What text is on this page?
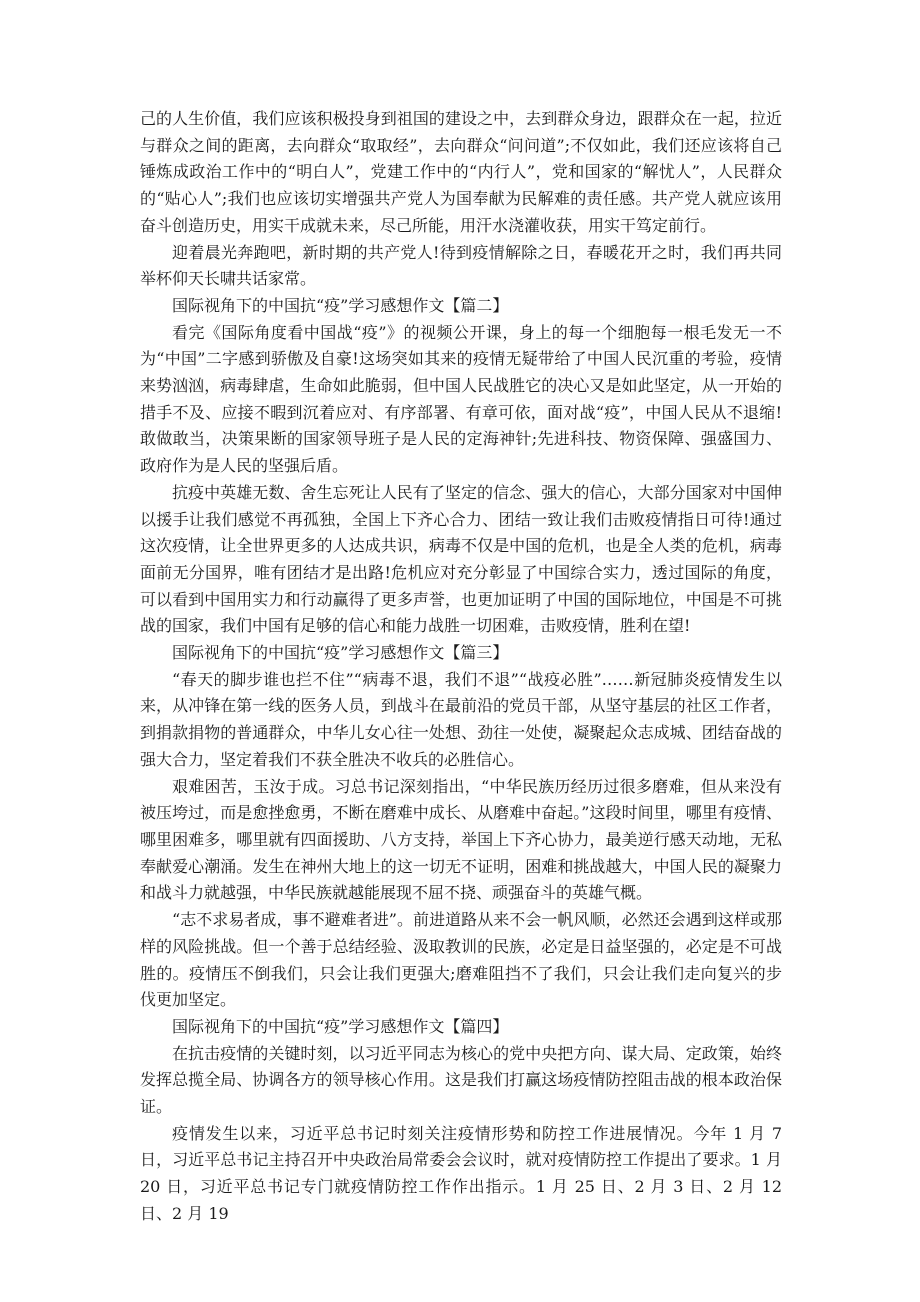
己的人生价值，我们应该积极投身到祖国的建设之中，去到群众身边，跟群众在一起，拉近与群众之间的距离，去向群众“取取经”，去向群众“问问道”;不仅如此，我们还应该将自己锤炼成政治工作中的“明白人”，党建工作中的“内行人”，党和国家的“解忧人”，人民群众的“贴心人”;我们也应该切实增强共产党人为国奉献为民解难的责任感。共产党人就应该用奋斗创造历史，用实干成就未来，尽己所能，用汗水浇灌收获，用实干笃定前行。

迎着晨光奔跑吧，新时期的共产党人!待到疫情解除之日，春暖花开之时，我们再共同举杯仰天长啸共话家常。

国际视角下的中国抗“疫”学习感想作文【篇二】

看完《国际角度看中国战“疫”》的视频公开课，身上的每一个细胞每一根毛发无一不为“中国”二字感到骄傲及自豪!这场突如其来的疫情无疑带给了中国人民沉重的考验，疫情来势汹汹，病毒肆虐，生命如此脆弱，但中国人民战胜它的决心又是如此坚定，从一开始的措手不及、应接不暇到沉着应对、有序部署、有章可依，面对战“疫”，中国人民从不退缩!敢做敢当，决策果断的国家领导班子是人民的定海神针;先进科技、物资保障、强盛国力、政府作为是人民的坚强后盾。

抗疫中英雄无数、舍生忘死让人民有了坚定的信念、强大的信心，大部分国家对中国伸以援手让我们感觉不再孤独，全国上下齐心合力、团结一致让我们击败疫情指日可待!通过这次疫情，让全世界更多的人达成共识，病毒不仅是中国的危机，也是全人类的危机，病毒面前无分国界，唯有团结才是出路!危机应对充分彰显了中国综合实力，透过国际的角度，可以看到中国用实力和行动赢得了更多声誉，也更加证明了中国的国际地位，中国是不可挑战的国家，我们中国有足够的信心和能力战胜一切困难，击败疫情，胜利在望!

国际视角下的中国抗“疫”学习感想作文【篇三】

“春天的脚步谁也拦不住”“病毒不退，我们不退”“战疫必胜”……新冠肺炎疫情发生以来，从冲锋在第一线的医务人员，到战斗在最前沿的党员干部，从坚守基层的社区工作者，到捐款捐物的普通群众，中华儿女心往一处想、劲往一处使，凝聚起众志成城、团结奋战的强大合力，坚定着我们不获全胜决不收兵的必胜信心。

艰难困苦，玉汝于成。习总书记深刻指出，“中华民族历经历过很多磨难，但从来没有被压垮过，而是愈挫愈勇，不断在磨难中成长、从磨难中奋起。”这段时间里，哪里有疫情、哪里困难多，哪里就有四面援助、八方支持，举国上下齐心协力，最美逆行感天动地，无私奉献爱心潮涌。发生在神州大地上的这一切无不证明，困难和挑战越大，中国人民的凝聚力和战斗力就越强，中华民族就越能展现不屈不挠、顽强奋斗的英雄气概。

“志不求易者成，事不避难者进”。前进道路从来不会一帆风顺，必然还会遇到这样或那样的风险挑战。但一个善于总结经验、汲取教训的民族，必定是日益坚强的，必定是不可战胜的。疫情压不倒我们，只会让我们更强大;磨难阻挡不了我们，只会让我们走向复兴的步伐更加坚定。

国际视角下的中国抗“疫”学习感想作文【篇四】

在抗击疫情的关键时刻，以习近平同志为核心的党中央把方向、谋大局、定政策，始终发挥总揽全局、协调各方的领导核心作用。这是我们打赢这场疫情防控阻击战的根本政治保证。

疫情发生以来，习近平总书记时刻关注疫情形势和防控工作进展情况。今年 1 月 7 日，习近平总书记主持召开中央政治局常委会会议时，就对疫情防控工作提出了要求。1 月 20 日，习近平总书记专门就疫情防控工作作出指示。1 月 25 日、2 月 3 日、2 月 12 日、2 月 19
